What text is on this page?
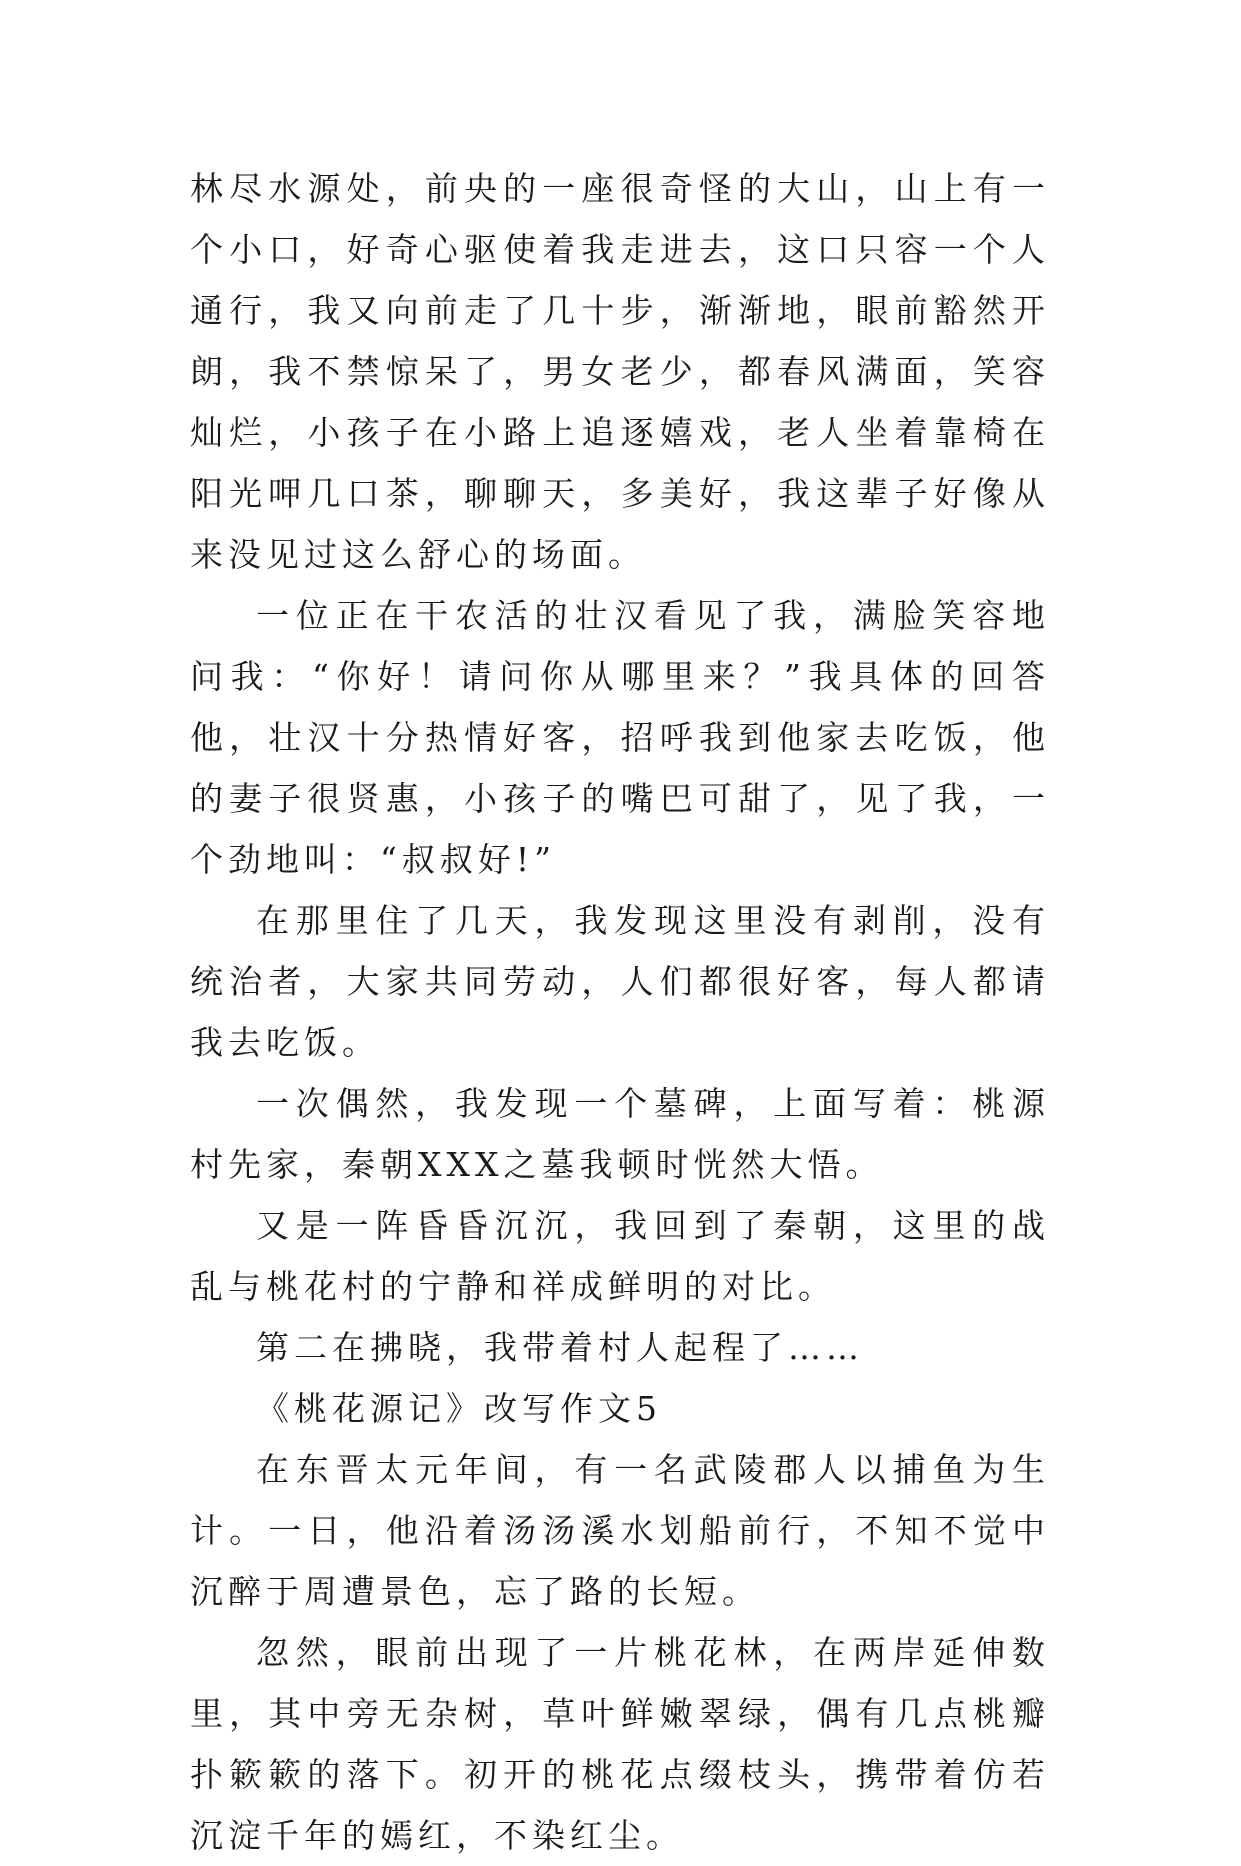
林尽水源处，前央的一座很奇怪的大山，山上有一个小口，好奇心驱使着我走进去，这口只容一个人通行，我又向前走了几十步，渐渐地，眼前豁然开朗，我不禁惊呆了，男女老少，都春风满面，笑容灿烂，小孩子在小路上追逐嬉戏，老人坐着靠椅在阳光呷几口茶，聊聊天，多美好，我这辈子好像从来没见过这么舒心的场面。

一位正在干农活的壮汉看见了我，满脸笑容地问我：“你好！请问你从哪里来？”我具体的回答他，壮汉十分热情好客，招呼我到他家去吃饭，他的妻子很贤惠，小孩子的嘴巴可甜了，见了我，一个劲地叫：“叔叔好!”

在那里住了几天，我发现这里没有剥削，没有统治者，大家共同劳动，人们都很好客，每人都请我去吃饭。

一次偶然，我发现一个墓碑，上面写着：桃源村先家，秦朝XXX之墓我顿时恍然大悟。

又是一阵昏昏沉沉，我回到了秦朝，这里的战乱与桃花村的宁静和祥成鲜明的对比。

第二在拂晓，我带着村人起程了……

《桃花源记》改写作文5

在东晋太元年间，有一名武陵郡人以捕鱼为生计。一日，他沿着汤汤溪水划船前行，不知不觉中沉醉于周遭景色，忘了路的长短。

忽然，眼前出现了一片桃花林，在两岸延伸数里，其中旁无杂树，草叶鲜嫩翠绿，偶有几点桃瓣扑簌簌的落下。初开的桃花点缀枝头，携带着仿若沉淀千年的嫣红，不染红尘。
